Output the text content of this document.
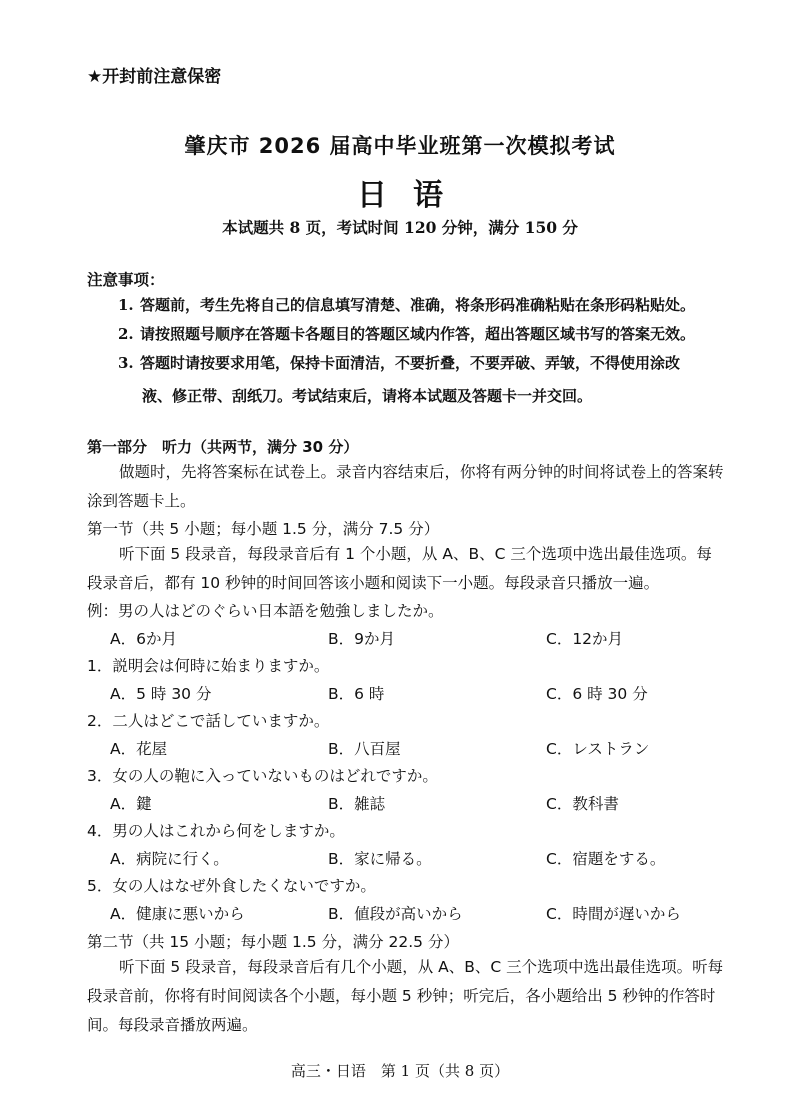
★开封前注意保密
肇庆市 2026 届高中毕业班第一次模拟考试
日语
本试题共 8 页，考试时间 120 分钟，满分 150 分
注意事项：
1. 答题前，考生先将自己的信息填写清楚、准确，将条形码准确粘贴在条形码粘贴处。
2. 请按照题号顺序在答题卡各题目的答题区域内作答，超出答题区域书写的答案无效。
3. 答题时请按要求用笔，保持卡面清洁，不要折叠，不要弄破、弄皱，不得使用涂改
液、修正带、刮纸刀。考试结束后，请将本试题及答题卡一并交回。
第一部分　听力（共两节，满分 30 分）
做题时，先将答案标在试卷上。录音内容结束后，你将有两分钟的时间将试卷上的答案转涂到答题卡上。
第一节（共 5 小题；每小题 1.5 分，满分 7.5 分）
听下面 5 段录音，每段录音后有 1 个小题，从 A、B、C 三个选项中选出最佳选项。每段录音后，都有 10 秒钟的时间回答该小题和阅读下一小题。每段录音只播放一遍。
例：男の人はどのぐらい日本語を勉強しましたか。
A．6か月	B．9か月	C．12か月
1．説明会は何時に始まりますか。
A．5 時 30 分	B．6 時	C．6 時 30 分
2．二人はどこで話していますか。
A．花屋	B．八百屋	C．レストラン
3．女の人の鞄に入っていないものはどれですか。
A．鍵	B．雑誌	C．教科書
4．男の人はこれから何をしますか。
A．病院に行く。	B．家に帰る。	C．宿題をする。
5．女の人はなぜ外食したくないですか。
A．健康に悪いから	B．値段が高いから	C．時間が遅いから
第二节（共 15 小题；每小题 1.5 分，满分 22.5 分）
听下面 5 段录音，每段录音后有几个小题，从 A、B、C 三个选项中选出最佳选项。听每段录音前，你将有时间阅读各个小题，每小题 5 秒钟；听完后，各小题给出 5 秒钟的作答时间。每段录音播放两遍。
高三・日语　第 1 页（共 8 页）
